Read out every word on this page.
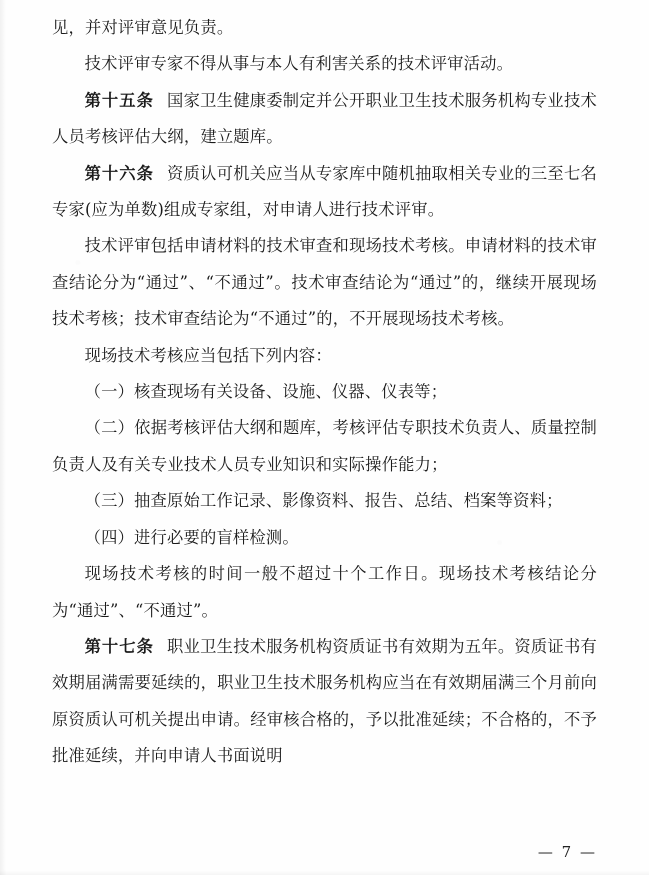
见，并对评审意见负责。

技术评审专家不得从事与本人有利害关系的技术评审活动。

第十五条 国家卫生健康委制定并公开职业卫生技术服务机构专业技术人员考核评估大纲，建立题库。

第十六条 资质认可机关应当从专家库中随机抽取相关专业的三至七名专家(应为单数)组成专家组，对申请人进行技术评审。

技术评审包括申请材料的技术审查和现场技术考核。申请材料的技术审查结论分为“通过”、“不通过”。技术审查结论为“通过”的，继续开展现场技术考核；技术审查结论为“不通过”的，不开展现场技术考核。

现场技术考核应当包括下列内容：

（一）核查现场有关设备、设施、仪器、仪表等；

（二）依据考核评估大纲和题库，考核评估专职技术负责人、质量控制负责人及有关专业技术人员专业知识和实际操作能力；

（三）抽查原始工作记录、影像资料、报告、总结、档案等资料；

（四）进行必要的盲样检测。

现场技术考核的时间一般不超过十个工作日。现场技术考核结论分为“通过”、“不通过”。

第十七条 职业卫生技术服务机构资质证书有效期为五年。资质证书有效期届满需要延续的，职业卫生技术服务机构应当在有效期届满三个月前向原资质认可机关提出申请。经审核合格的，予以批准延续；不合格的，不予批准延续，并向申请人书面说明

— 7 —
